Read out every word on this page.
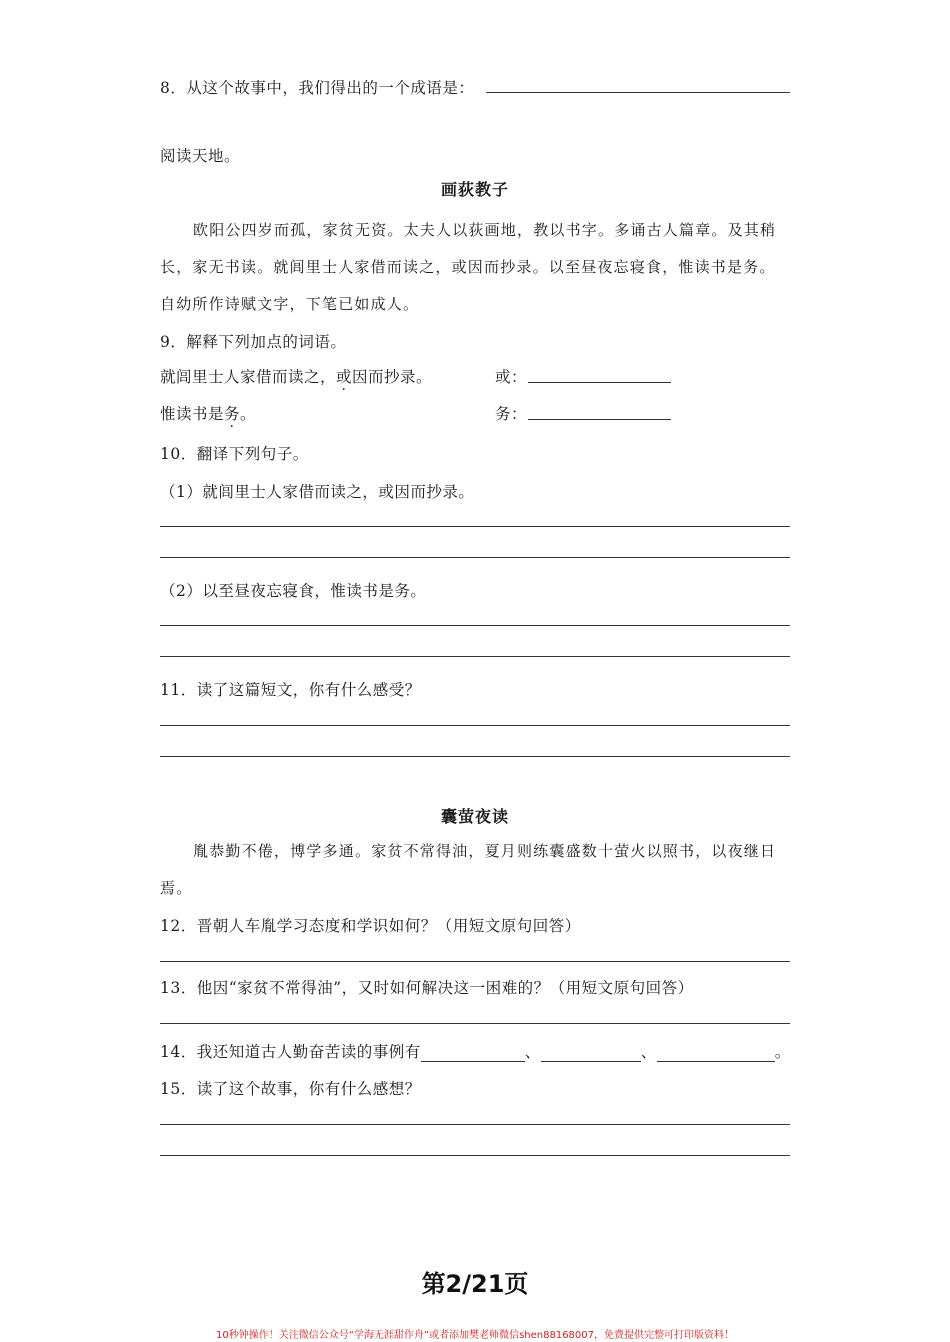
8．从这个故事中，我们得出的一个成语是：
阅读天地。
画荻教子
欧阳公四岁而孤，家贫无资。太夫人以荻画地，教以书字。多诵古人篇章。及其稍
长，家无书读。就闾里士人家借而读之，或因而抄录。以至昼夜忘寝食，惟读书是务。
自幼所作诗赋文字，下笔已如成人。
9．解释下列加点的词语。
就闾里士人家借而读之，或因而抄录。	或：
惟读书是务。	务：
10．翻译下列句子。
（1）就闾里士人家借而读之，或因而抄录。
（2）以至昼夜忘寝食，惟读书是务。
11．读了这篇短文，你有什么感受？
囊萤夜读
胤恭勤不倦，博学多通。家贫不常得油，夏月则练囊盛数十萤火以照书，以夜继日
焉。
12．晋朝人车胤学习态度和学识如何？（用短文原句回答）
13．他因“家贫不常得油”，又时如何解决这一困难的？（用短文原句回答）
14．我还知道古人勤奋苦读的事例有	、	、	。
15．读了这个故事，你有什么感想？
第2/21页
10秒钟操作！关注微信公众号“学海无涯甜作舟”或者添加樊老师微信shen88168007，免费提供完整可打印版资料！
